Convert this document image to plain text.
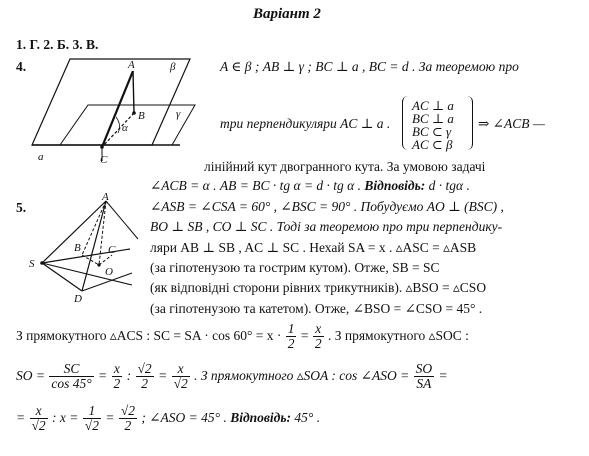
Варіант 2
1. Г. 2. Б. 3. В.
4.	A
B
C
a
α
β
γ
A ∈ β ; AB ⊥ γ ; BC ⊥ a , BC = d . За теоремою про
три перпендикуляри AC ⊥ a .
AC ⊥ a
BC ⊥ a
BC ⊂ γ
AC ⊂ β
⇒ ∠ACB —
лінійний кут двогранного кута. За умовою задачі
∠ACB = α . AB = BC · tg α = d · tg α . Відповідь: d · tgα .
5.
A
B C
D
O
S
∠ASB = ∠CSA = 60° , ∠BSC = 90° . Побудуємо AO ⊥ (BSC) ,
BO ⊥ SB , CO ⊥ SC . Тоді за теоремою про три перпендику-
ляри AB ⊥ SB , AC ⊥ SC . Нехай SA = x . ▵ASC = ▵ASB
(за гіпотенузою та гострим кутом). Отже, SB = SC
(як відповідні сторони рівних трикутників). ▵BSO = ▵CSO
(за гіпотенузою та катетом). Отже, ∠BSO = ∠CSO = 45° .
З прямокутного ▵ACS : SC = SA · $\cos 60^\circ = x \cdot \frac{1}{2} = \frac{x}{2}$ . З прямокутного ▵SOC :
SO = $\frac{SC}{\cos 45^\circ} = \frac{x}{2}$ : $\frac{√2}{2} = \frac{x}{√2}$ . З прямокутного ▵SOA : cos ∠ASO = $\frac{SO}{SA}$ =
= $\frac{x}{√2}$ : $x = \frac{1}{√2} = \frac{√2}{2}$ ; ∠ASO = 45° . Відповідь: 45° .
